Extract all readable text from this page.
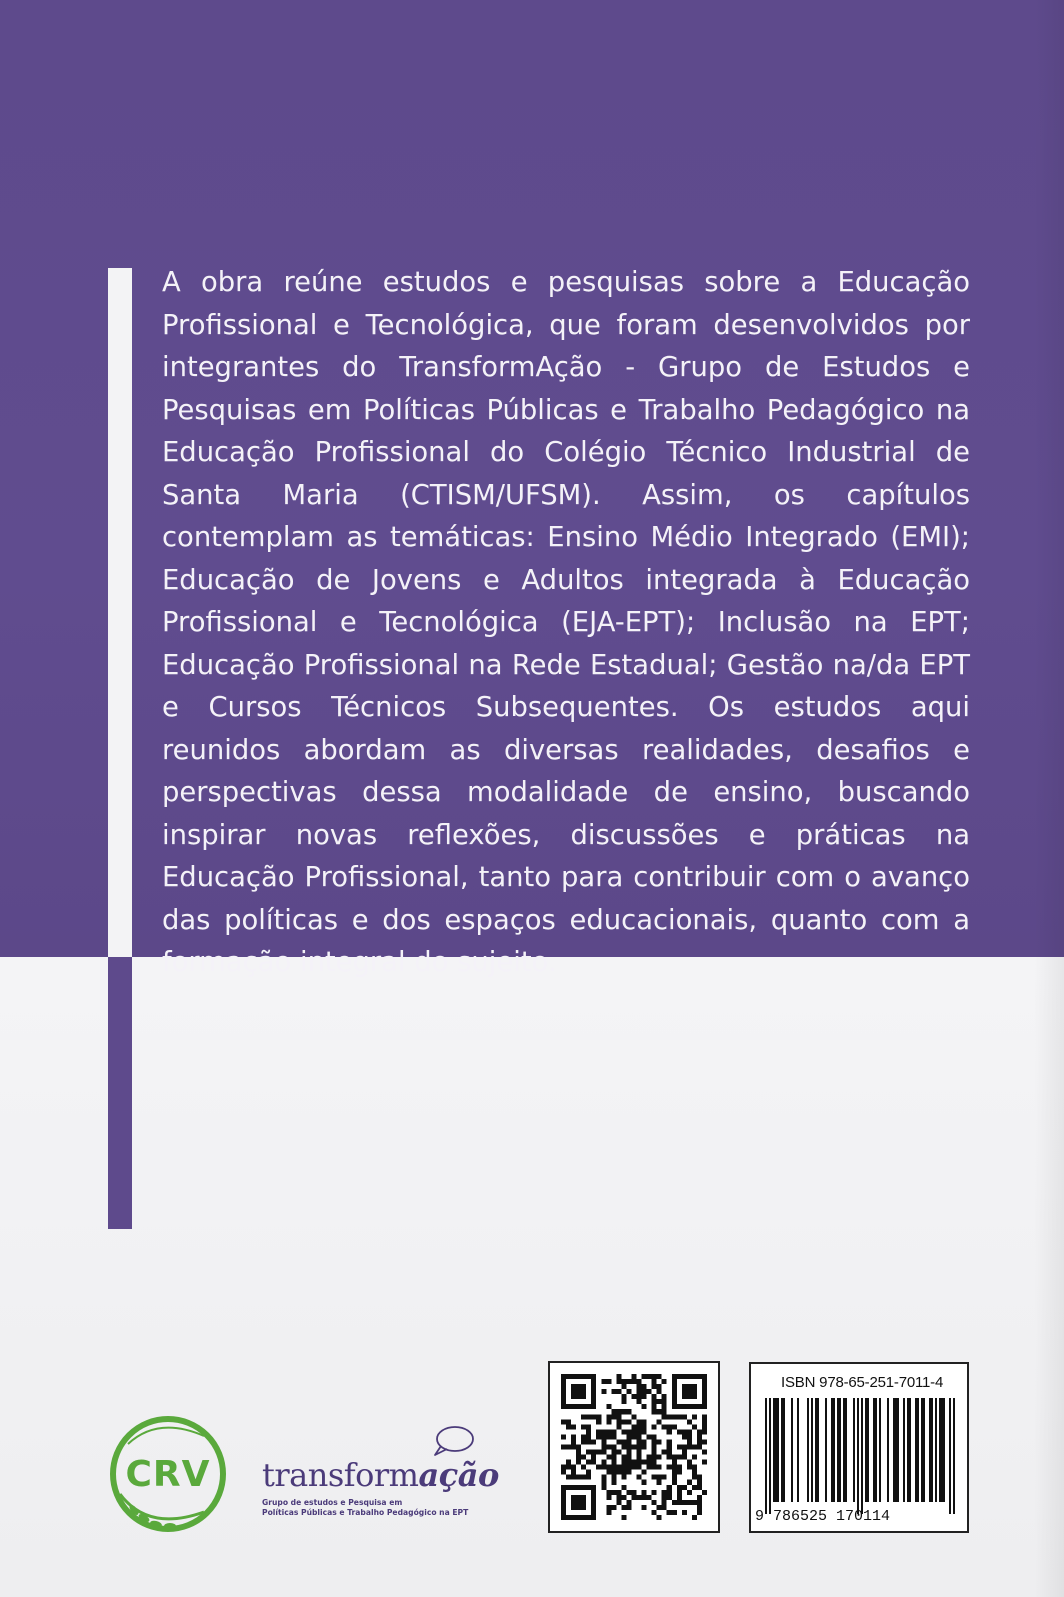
A obra reúne estudos e pesquisas sobre a Educação Profissional e Tecnológica, que foram desenvolvidos por integrantes do TransformAção - Grupo de Estudos e Pesquisas em Políticas Públicas e Trabalho Pedagógico na Educação Profissional do Colégio Técnico Industrial de Santa Maria (CTISM/UFSM). Assim, os capítulos contemplam as temáticas: Ensino Médio Integrado (EMI); Educação de Jovens e Adultos integrada à Educação Profissional e Tecnológica (EJA-EPT); Inclusão na EPT; Educação Profissional na Rede Estadual; Gestão na/da EPT e Cursos Técnicos Subsequentes. Os estudos aqui reunidos abordam as diversas realidades, desafios e perspectivas dessa modalidade de ensino, buscando inspirar novas reflexões, discussões e práticas na Educação Profissional, tanto para contribuir com o avanço das políticas e dos espaços educacionais, quanto com a formação integral do sujeito.

CRV	transformação
Grupo de estudos e Pesquisa em
Políticas Públicas e Trabalho Pedagógico na EPT
ISBN 978-65-251-7011-4
9 786525 170114
